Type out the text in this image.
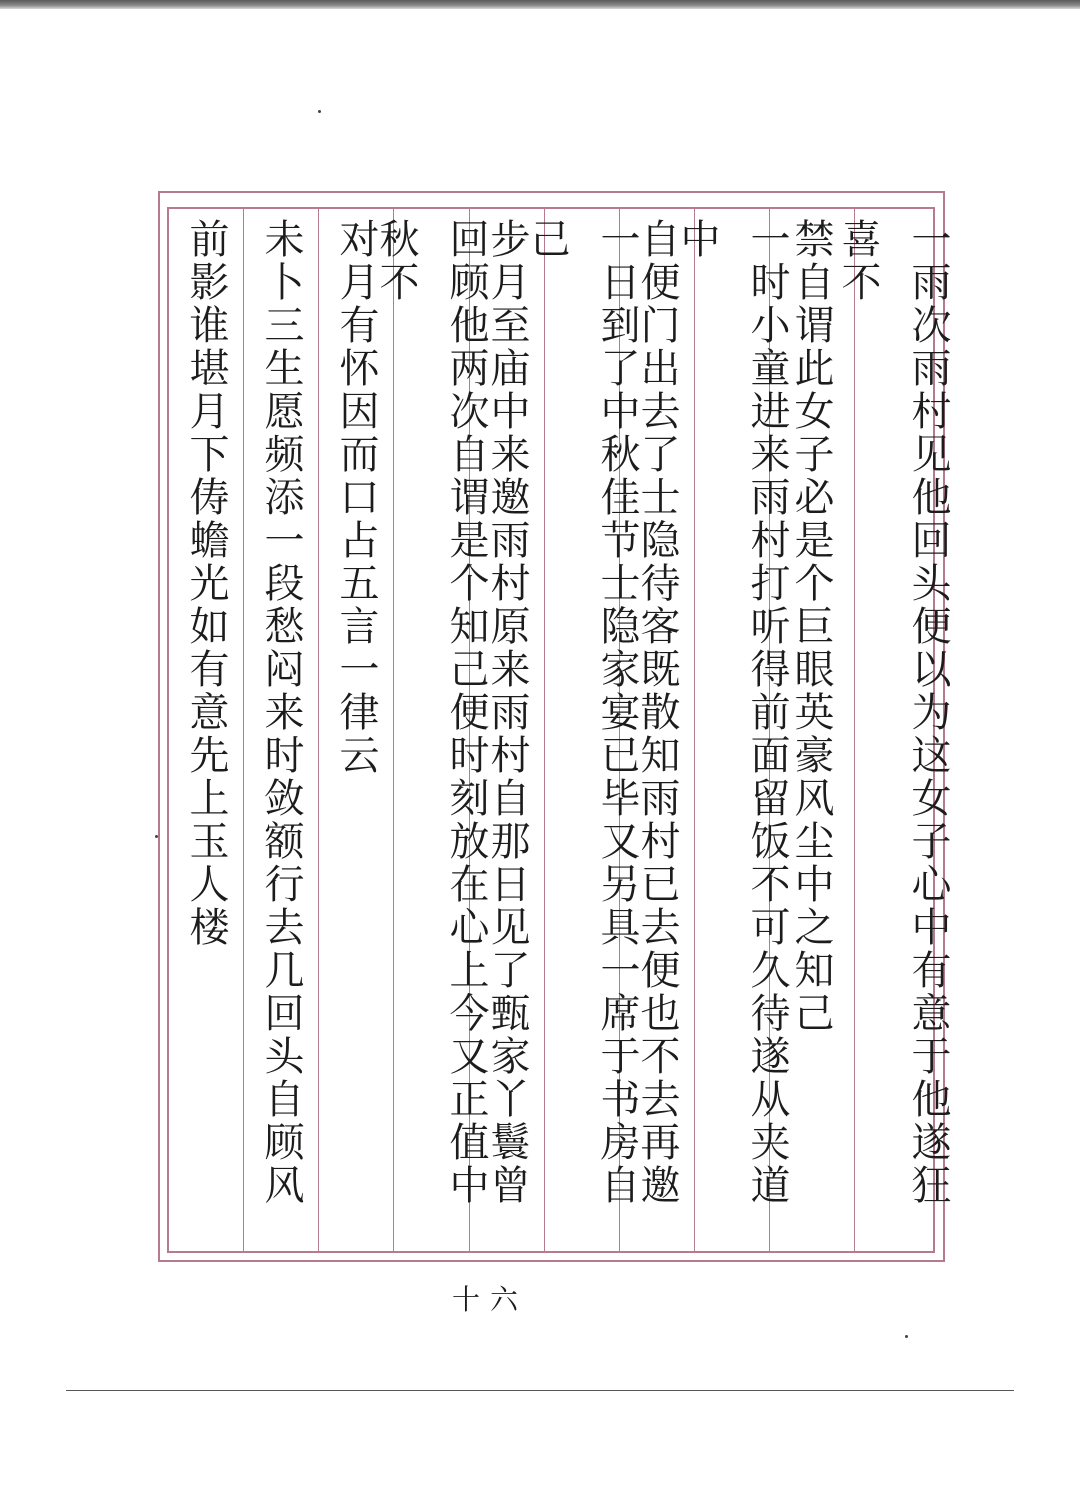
一雨次雨村见他回头便以为这女子心中有意于他遂狂喜不
禁自谓此女子必是个巨眼英豪风尘中之知己
一时小童进来雨村打听得前面留饭不可久待遂从夹道中
自便门出去了士隐待客既散知雨村已去便也不去再邀
一日到了中秋佳节士隐家宴已毕又另具一席于书房自己
步月至庙中来邀雨村原来雨村自那日见了甄家丫鬟曾
回顾他两次自谓是个知己便时刻放在心上今又正值中秋不
对月有怀因而口占五言一律云
未卜三生愿频添一段愁闷来时敛额行去几回头自顾风
前影谁堪月下俦蟾光如有意先上玉人楼
十六
